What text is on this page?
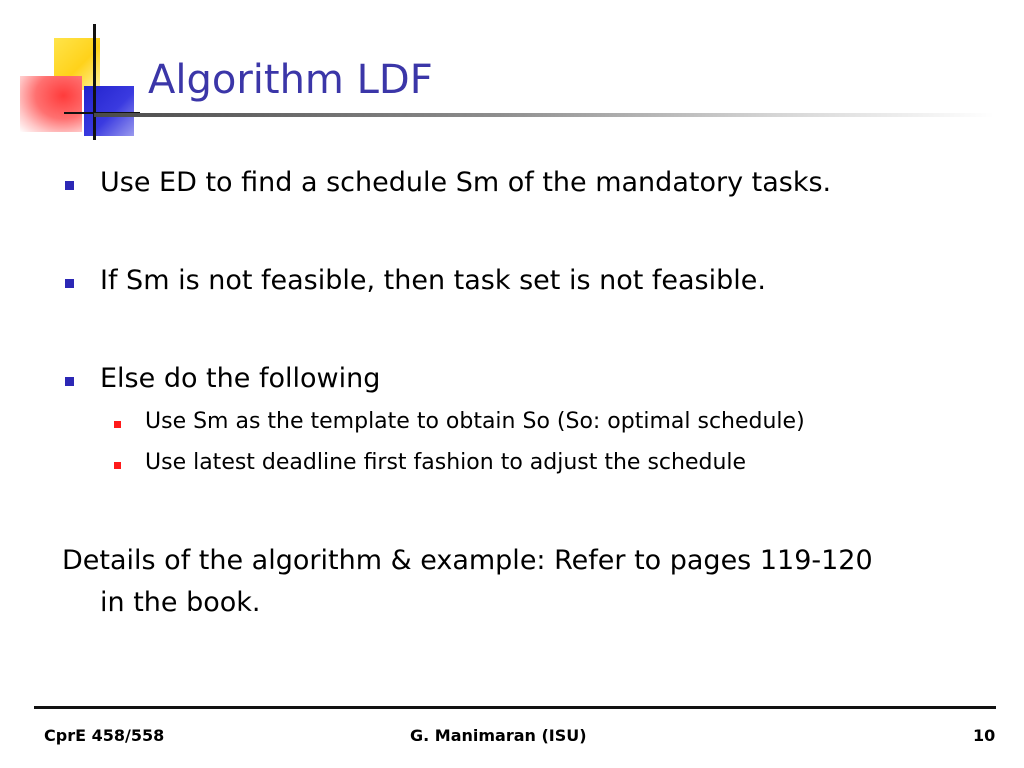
Algorithm LDF
Use ED to find a schedule Sm of the mandatory tasks.
If Sm is not feasible, then task set is not feasible.
Else do the following
Use Sm as the template to obtain So (So: optimal schedule)
Use latest deadline first fashion to adjust the schedule
Details of the algorithm & example: Refer to pages 119-120
in the book.
CprE 458/558	G. Manimaran (ISU)	10
